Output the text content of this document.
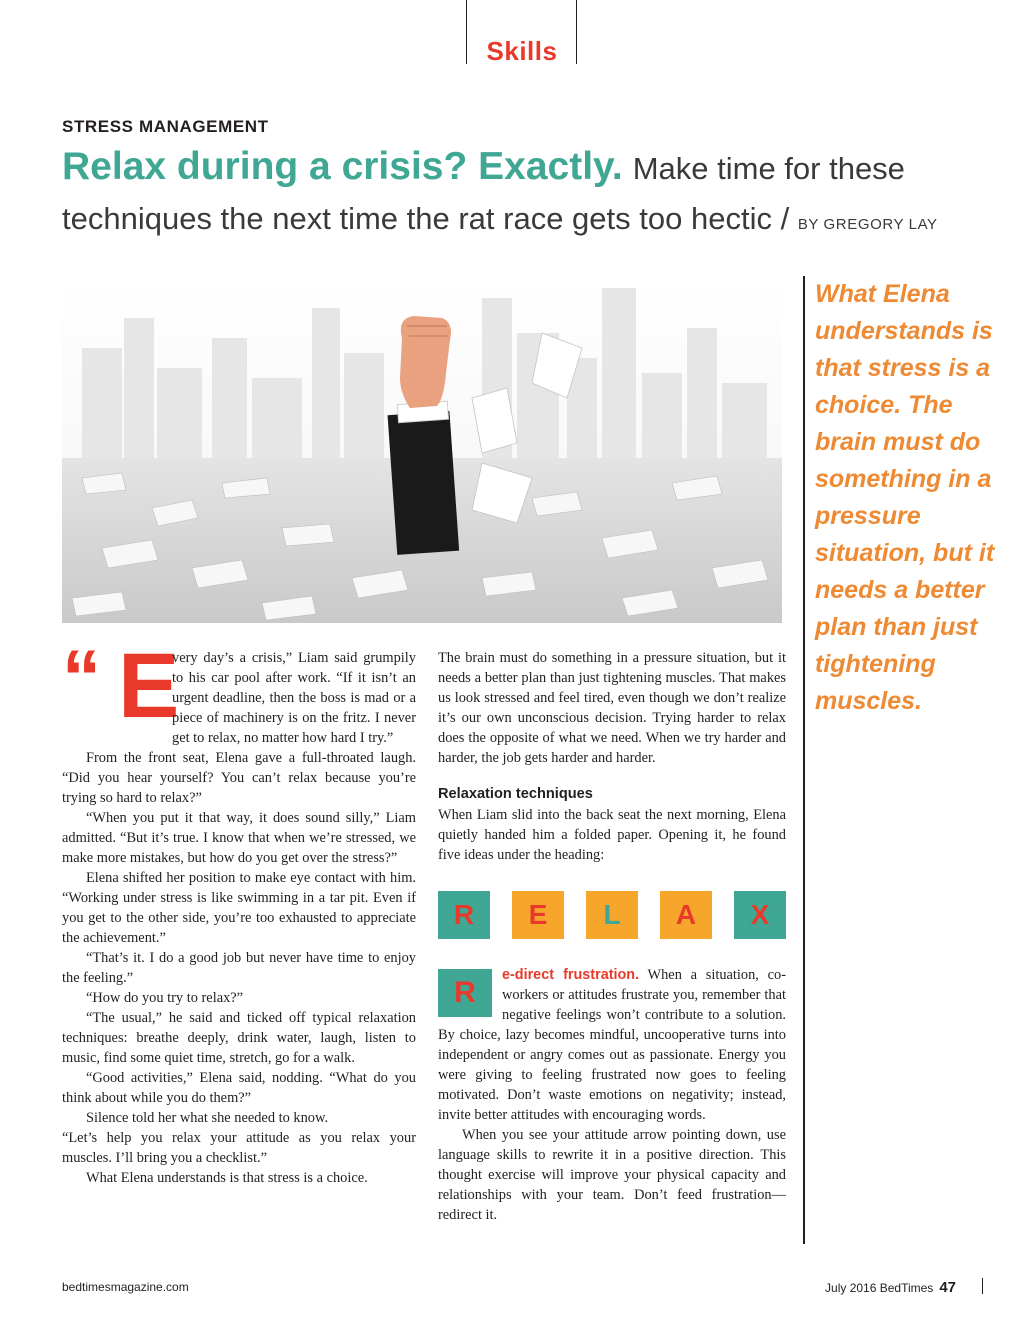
Skills
STRESS MANAGEMENT
Relax during a crisis? Exactly. Make time for these techniques the next time the rat race gets too hectic / BY GREGORY LAY
What Elena understands is that stress is a choice. The brain must do something in a pressure situation, but it needs a better plan than just tightening muscles.
“ E

very day’s a crisis,” Liam said grumpily to his car pool after work. “If it isn’t an urgent deadline, then the boss is mad or a piece of machinery is on the fritz. I never get to relax, no matter how hard I try.”

From the front seat, Elena gave a full-throated laugh. “Did you hear yourself? You can’t relax because you’re trying so hard to relax?”

“When you put it that way, it does sound silly,” Liam admitted. “But it’s true. I know that when we’re stressed, we make more mistakes, but how do you get over the stress?”

Elena shifted her position to make eye contact with him. “Working under stress is like swimming in a tar pit. Even if you get to the other side, you’re too exhausted to appreciate the achievement.”

“That’s it. I do a good job but never have time to enjoy the feeling.”

“How do you try to relax?”

“The usual,” he said and ticked off typical relaxation techniques: breathe deeply, drink water, laugh, listen to music, find some quiet time, stretch, go for a walk.

“Good activities,” Elena said, nodding. “What do you think about while you do them?”

Silence told her what she needed to know.

“Let’s help you relax your attitude as you relax your muscles. I’ll bring you a checklist.”

What Elena understands is that stress is a choice.

The brain must do something in a pressure situation, but it needs a better plan than just tightening muscles. That makes us look stressed and feel tired, even though we don’t realize it’s our own unconscious decision. Trying harder to relax does the opposite of what we need. When we try harder and harder, the job gets harder and harder.

Relaxation techniques

When Liam slid into the back seat the next morning, Elena quietly handed him a folded paper. Opening it, he found five ideas under the heading:

R	E	L	A	X

R
e-direct frustration. When a situation, co-workers or attitudes frustrate you, remember that negative feelings won’t contribute to a solution. By choice, lazy becomes mindful, uncooperative turns into independent or angry comes out as passionate. Energy you were giving to feeling frustrated now goes to feeling motivated. Don’t waste emotions on negativity; instead, invite better attitudes with encouraging words.

When you see your attitude arrow pointing down, use language skills to rewrite it in a positive direction. This thought exercise will improve your physical capacity and relationships with your team. Don’t feed frustration—redirect it.

bedtimesmagazine.com	July 2016 BedTimes 47
